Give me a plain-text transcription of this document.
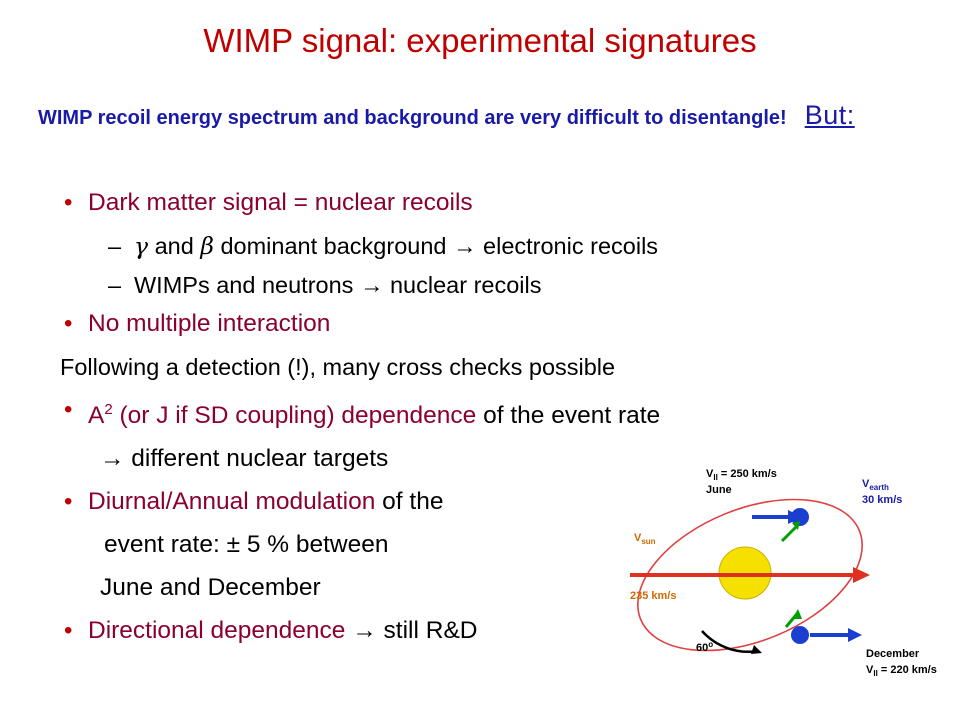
WIMP signal: experimental signatures
WIMP recoil energy spectrum and background are very difficult to disentangle! But:
• Dark matter signal = nuclear recoils
– γ and β dominant background → electronic recoils
– WIMPs and neutrons → nuclear recoils
• No multiple interaction
Following a detection (!), many cross checks possible
• $A^2$ (or J if SD coupling) dependence of the event rate
→ different nuclear targets
• Diurnal/Annual modulation of the
event rate: ± 5 % between
June and December
• Directional dependence → still R&D
$V_{II} = 250$ km/s
June	$V_{earth}$
30 km/s
$V_{sun}$
235 km/s
60$^o$
December
$V_{II} = 220$ km/s
